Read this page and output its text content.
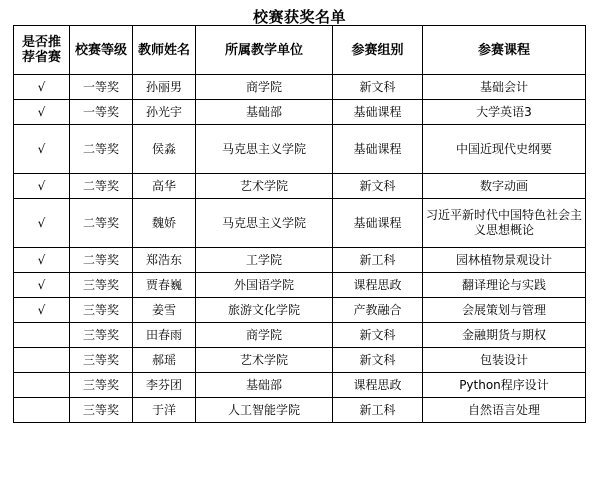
校赛获奖名单
是否推荐省赛	校赛等级	教师姓名	所属教学单位	参赛组别	参赛课程
√	一等奖	孙丽男	商学院	新文科	基础会计
√	一等奖	孙光宇	基础部	基础课程	大学英语3
√	二等奖	侯淼	马克思主义学院	基础课程	中国近现代史纲要
√	二等奖	高华	艺术学院	新文科	数字动画
√	二等奖	魏娇	马克思主义学院	基础课程	习近平新时代中国特色社会主义思想概论
√	二等奖	郑浩东	工学院	新工科	园林植物景观设计
√	三等奖	贾春巍	外国语学院	课程思政	翻译理论与实践
√	三等奖	姜雪	旅游文化学院	产教融合	会展策划与管理
	三等奖	田春雨	商学院	新文科	金融期货与期权
	三等奖	郝瑶	艺术学院	新文科	包装设计
	三等奖	李芬团	基础部	课程思政	Python程序设计
	三等奖	于洋	人工智能学院	新工科	自然语言处理
